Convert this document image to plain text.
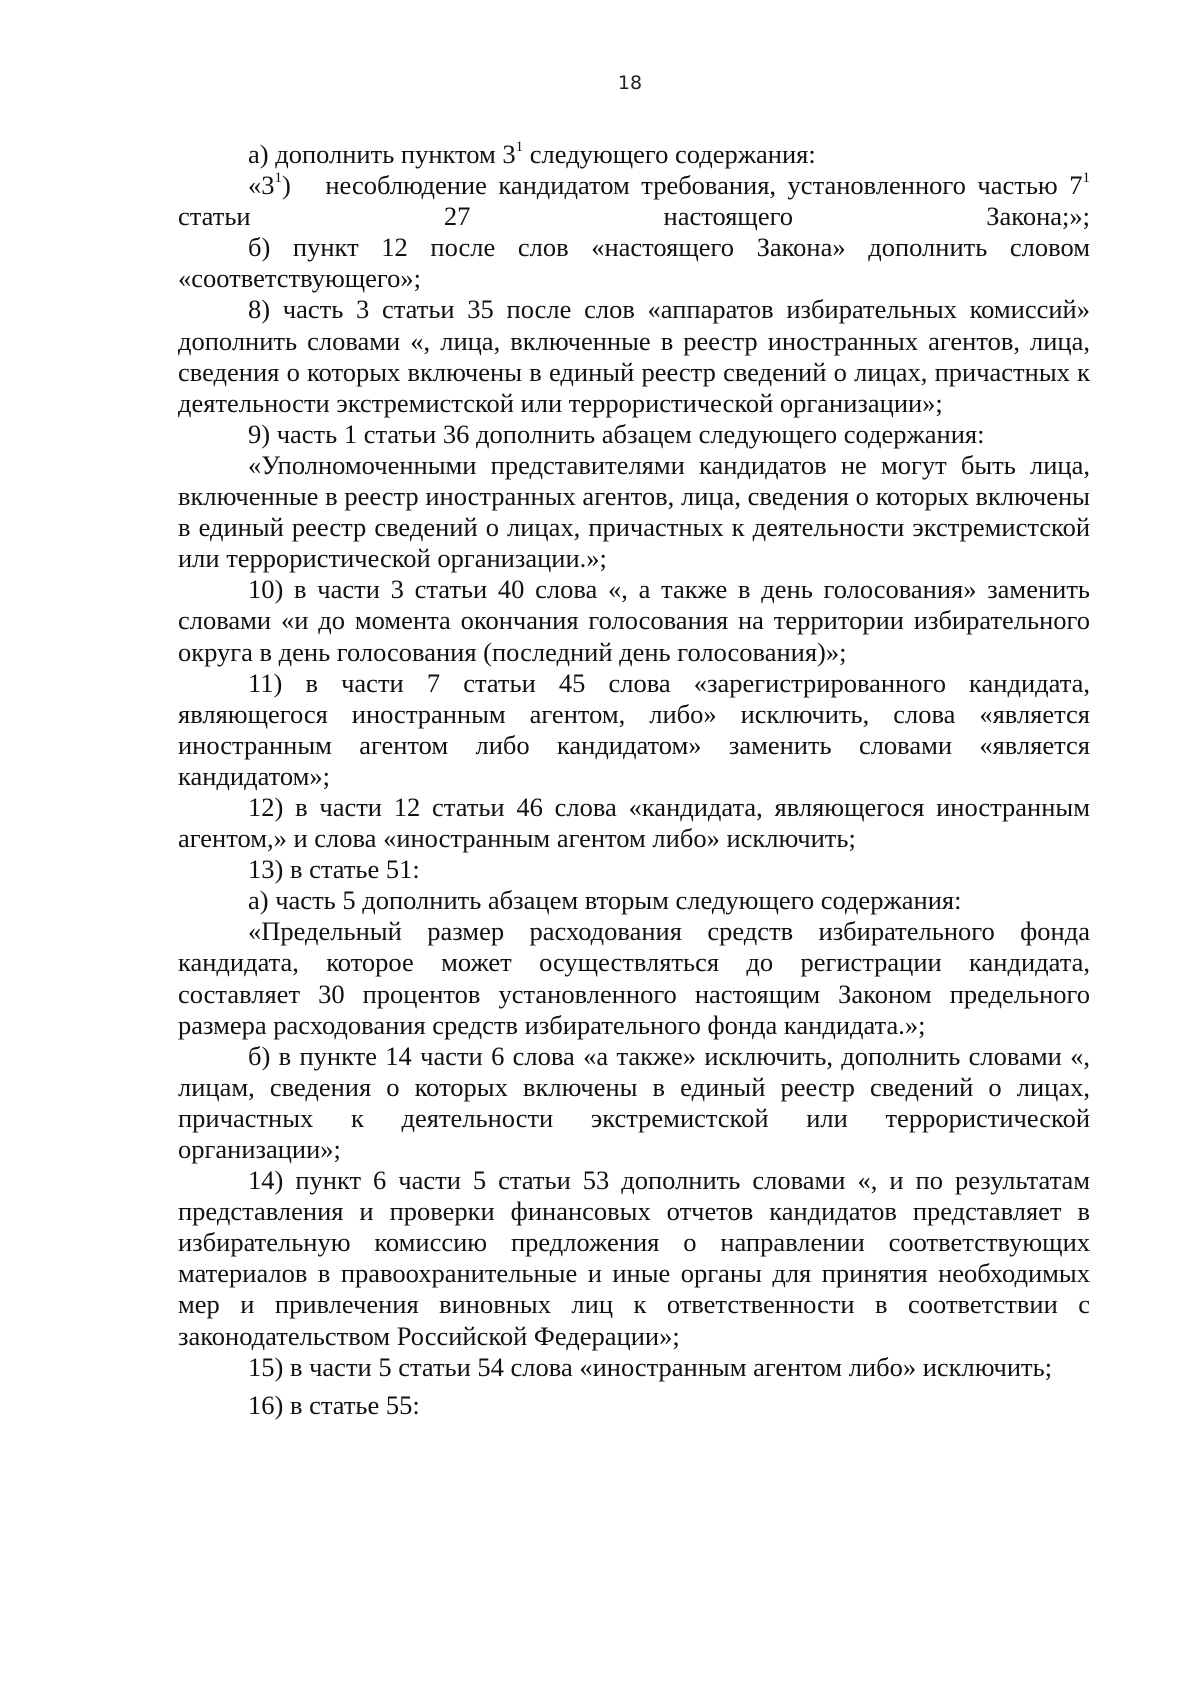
18

а) дополнить пунктом $3^1$ следующего содержания:

«$3^1$)   несоблюдение кандидатом требования, установленного частью $7^1$ статьи 27 настоящего Закона;»;

б) пункт 12 после слов «настоящего Закона» дополнить словом «соответствующего»;

8) часть 3 статьи 35 после слов «аппаратов избирательных комиссий» дополнить словами «, лица, включенные в реестр иностранных агентов, лица, сведения о которых включены в единый реестр сведений о лицах, причастных к деятельности экстремистской или террористической организации»;

9) часть 1 статьи 36 дополнить абзацем следующего содержания:

«Уполномоченными представителями кандидатов не могут быть лица, включенные в реестр иностранных агентов, лица, сведения о которых включены в единый реестр сведений о лицах, причастных к деятельности экстремистской или террористической организации.»;

10) в части 3 статьи 40 слова «, а также в день голосования» заменить словами «и до момента окончания голосования на территории избирательного округа в день голосования (последний день голосования)»;

11) в части 7 статьи 45 слова «зарегистрированного кандидата, являющегося иностранным агентом, либо» исключить, слова «является иностранным агентом либо кандидатом» заменить словами «является кандидатом»;

12) в части 12 статьи 46 слова «кандидата, являющегося иностранным агентом,» и слова «иностранным агентом либо» исключить;

13) в статье 51:

а) часть 5 дополнить абзацем вторым следующего содержания:

«Предельный размер расходования средств избирательного фонда кандидата, которое может осуществляться до регистрации кандидата, составляет 30 процентов установленного настоящим Законом предельного размера расходования средств избирательного фонда кандидата.»;

б) в пункте 14 части 6 слова «а также» исключить, дополнить словами «, лицам, сведения о которых включены в единый реестр сведений о лицах, причастных к деятельности экстремистской или террористической организации»;

14) пункт 6 части 5 статьи 53 дополнить словами «, и по результатам представления и проверки финансовых отчетов кандидатов представляет в избирательную комиссию предложения о направлении соответствующих материалов в правоохранительные и иные органы для принятия необходимых мер и привлечения виновных лиц к ответственности в соответствии с законодательством Российской Федерации»;

15) в части 5 статьи 54 слова «иностранным агентом либо» исключить;

16) в статье 55:
